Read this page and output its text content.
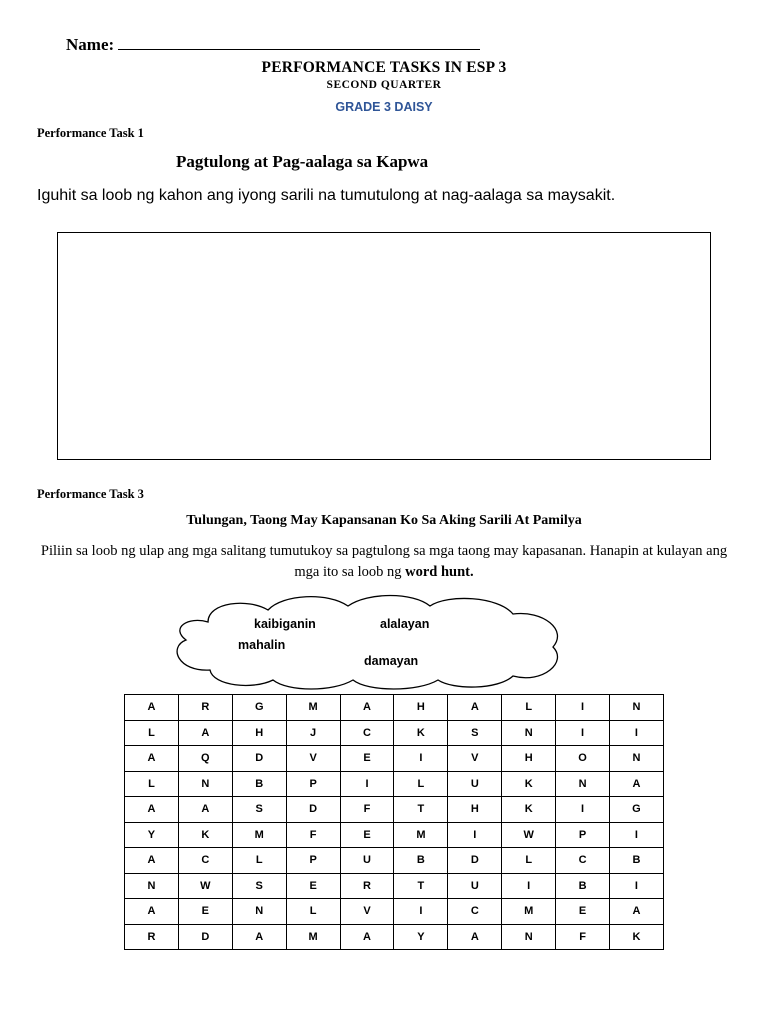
Name:
PERFORMANCE TASKS IN ESP 3
SECOND QUARTER
GRADE 3 DAISY
Performance Task 1
Pagtulong at Pag-aalaga sa Kapwa
Iguhit sa loob ng kahon ang iyong sarili na tumutulong at nag-aalaga sa maysakit.
Performance Task 3
Tulungan, Taong May Kapansanan Ko Sa Aking Sarili At Pamilya
Piliin sa loob ng ulap ang mga salitang tumutukoy sa pagtulong sa mga taong may kapasanan. Hanapin at kulayan ang mga ito sa loob ng word hunt.
kaibiganin	alalayan
mahalin
damayan
A	R	G	M	A	H	A	L	I	N
L	A	H	J	C	K	S	N	I	I
A	Q	D	V	E	I	V	H	O	N
L	N	B	P	I	L	U	K	N	A
A	A	S	D	F	T	H	K	I	G
Y	K	M	F	E	M	I	W	P	I
A	C	L	P	U	B	D	L	C	B
N	W	S	E	R	T	U	I	B	I
A	E	N	L	V	I	C	M	E	A
R	D	A	M	A	Y	A	N	F	K
